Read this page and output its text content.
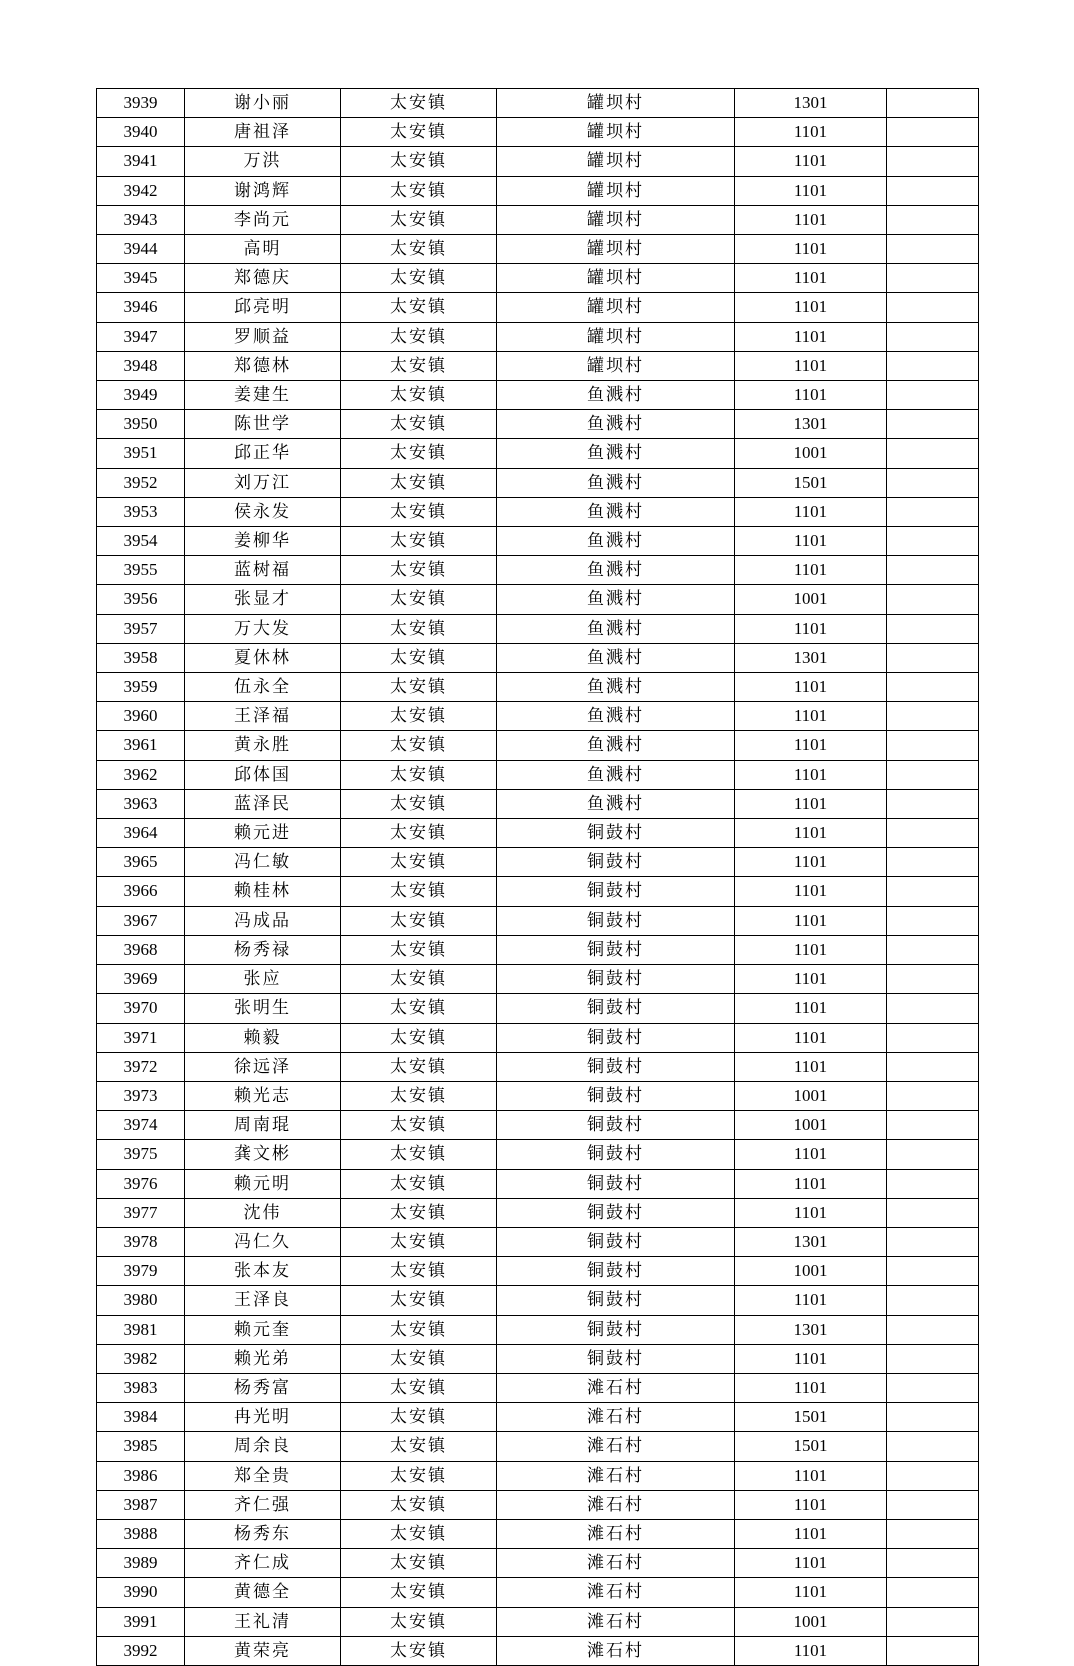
3939	谢小丽	太安镇	罐坝村	1301	
3940	唐祖泽	太安镇	罐坝村	1101	
3941	万洪	太安镇	罐坝村	1101	
3942	谢鸿辉	太安镇	罐坝村	1101	
3943	李尚元	太安镇	罐坝村	1101	
3944	高明	太安镇	罐坝村	1101	
3945	郑德庆	太安镇	罐坝村	1101	
3946	邱亮明	太安镇	罐坝村	1101	
3947	罗顺益	太安镇	罐坝村	1101	
3948	郑德林	太安镇	罐坝村	1101	
3949	姜建生	太安镇	鱼溅村	1101	
3950	陈世学	太安镇	鱼溅村	1301	
3951	邱正华	太安镇	鱼溅村	1001	
3952	刘万江	太安镇	鱼溅村	1501	
3953	侯永发	太安镇	鱼溅村	1101	
3954	姜柳华	太安镇	鱼溅村	1101	
3955	蓝树福	太安镇	鱼溅村	1101	
3956	张显才	太安镇	鱼溅村	1001	
3957	万大发	太安镇	鱼溅村	1101	
3958	夏休林	太安镇	鱼溅村	1301	
3959	伍永全	太安镇	鱼溅村	1101	
3960	王泽福	太安镇	鱼溅村	1101	
3961	黄永胜	太安镇	鱼溅村	1101	
3962	邱体国	太安镇	鱼溅村	1101	
3963	蓝泽民	太安镇	鱼溅村	1101	
3964	赖元进	太安镇	铜鼓村	1101	
3965	冯仁敏	太安镇	铜鼓村	1101	
3966	赖桂林	太安镇	铜鼓村	1101	
3967	冯成品	太安镇	铜鼓村	1101	
3968	杨秀禄	太安镇	铜鼓村	1101	
3969	张应	太安镇	铜鼓村	1101	
3970	张明生	太安镇	铜鼓村	1101	
3971	赖毅	太安镇	铜鼓村	1101	
3972	徐远泽	太安镇	铜鼓村	1101	
3973	赖光志	太安镇	铜鼓村	1001	
3974	周南琨	太安镇	铜鼓村	1001	
3975	龚文彬	太安镇	铜鼓村	1101	
3976	赖元明	太安镇	铜鼓村	1101	
3977	沈伟	太安镇	铜鼓村	1101	
3978	冯仁久	太安镇	铜鼓村	1301	
3979	张本友	太安镇	铜鼓村	1001	
3980	王泽良	太安镇	铜鼓村	1101	
3981	赖元奎	太安镇	铜鼓村	1301	
3982	赖光弟	太安镇	铜鼓村	1101	
3983	杨秀富	太安镇	滩石村	1101	
3984	冉光明	太安镇	滩石村	1501	
3985	周余良	太安镇	滩石村	1501	
3986	郑全贵	太安镇	滩石村	1101	
3987	齐仁强	太安镇	滩石村	1101	
3988	杨秀东	太安镇	滩石村	1101	
3989	齐仁成	太安镇	滩石村	1101	
3990	黄德全	太安镇	滩石村	1101	
3991	王礼清	太安镇	滩石村	1001	
3992	黄荣亮	太安镇	滩石村	1101	
